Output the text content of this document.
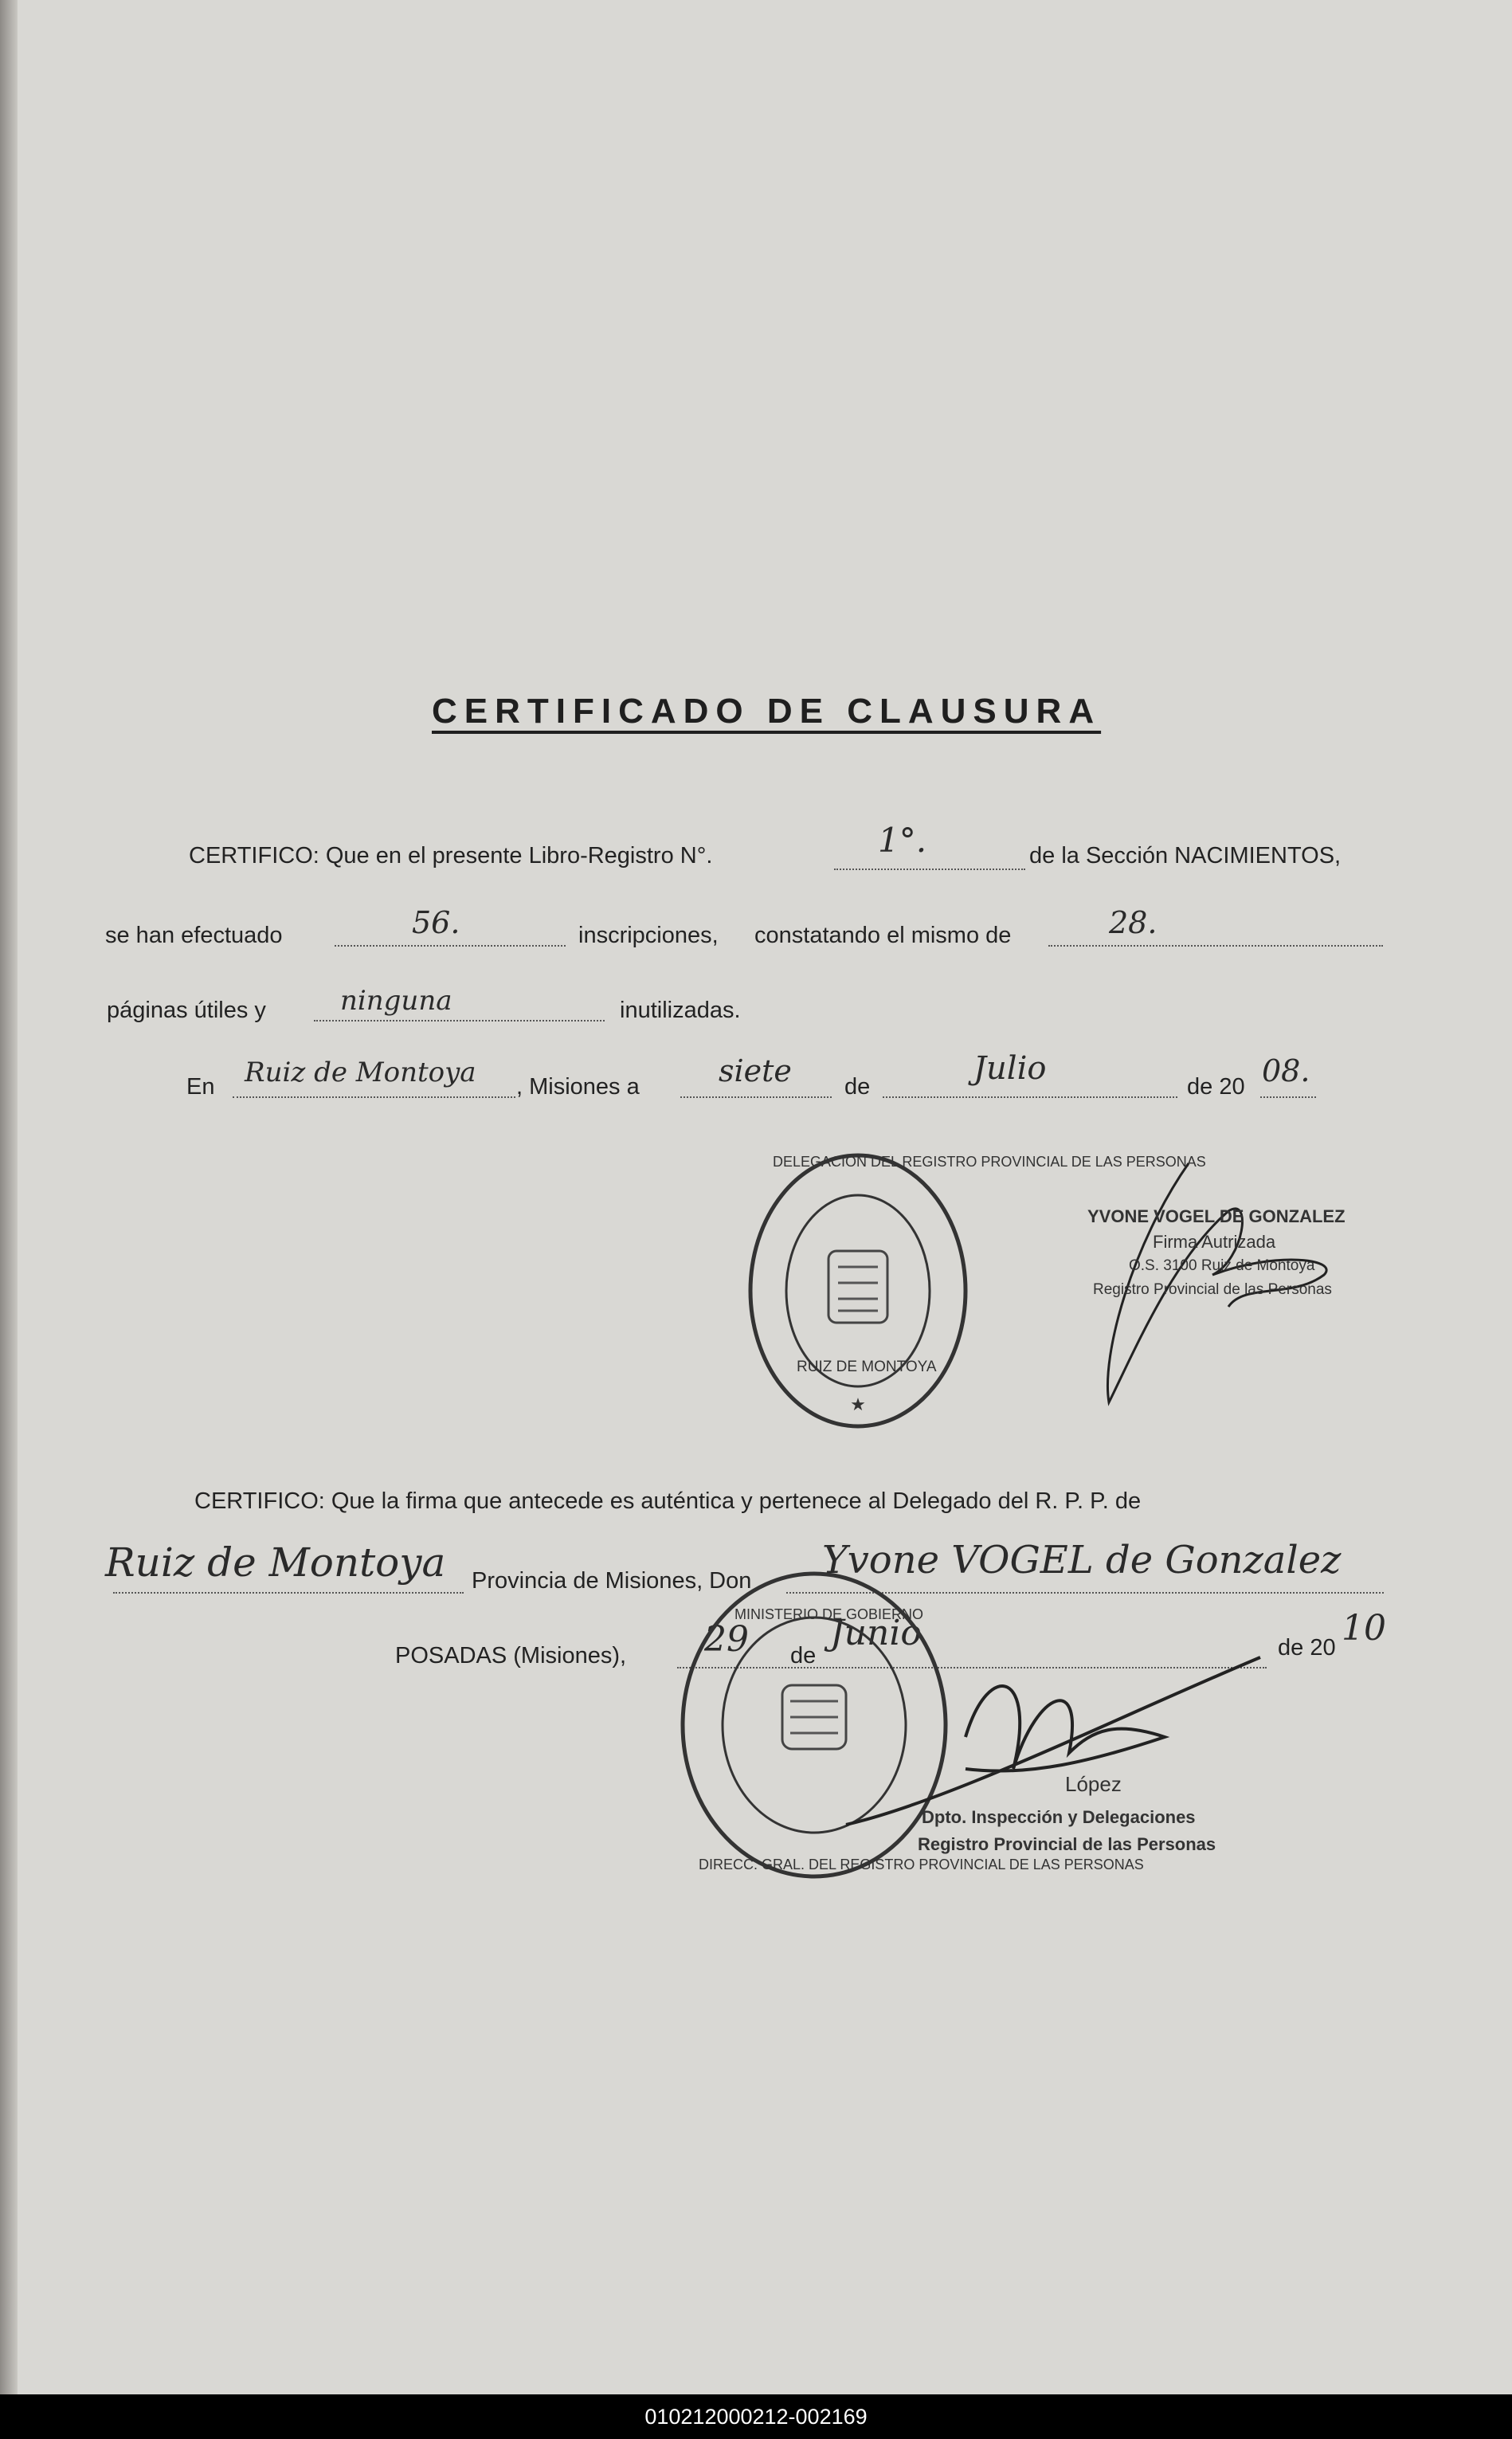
CERTIFICADO DE CLAUSURA
CERTIFICO: Que en el presente Libro-Registro N°.	1°.	de la Sección NACIMIENTOS,
se han efectuado	56.	inscripciones, constatando el mismo de	28.
páginas útiles y	ninguna	inutilizadas.
En Ruiz de Montoya , Misiones a	siete de	Julio	de 20 08.
★
DELEGACION DEL REGISTRO PROVINCIAL DE LAS PERSONAS
RUIZ DE MONTOYA
YVONE VOGEL DE GONZALEZ
Firma Autrizada
O.S. 3100 Ruiz de Montoya
Registro Provincial de las Personas
CERTIFICO: Que la firma que antecede es auténtica y pertenece al Delegado del R. P. P. de
Ruiz de Montoya Provincia de Misiones, Don Yvone VOGEL de Gonzalez
POSADAS (Misiones), 29 de
Junio	de 20 10
DIRECC. GRAL. DEL REGISTRO PROVINCIAL DE LAS PERSONAS
MINISTERIO DE GOBIERNO
López
Dpto. Inspección y Delegaciones
Registro Provincial de las Personas
010212000212-002169
